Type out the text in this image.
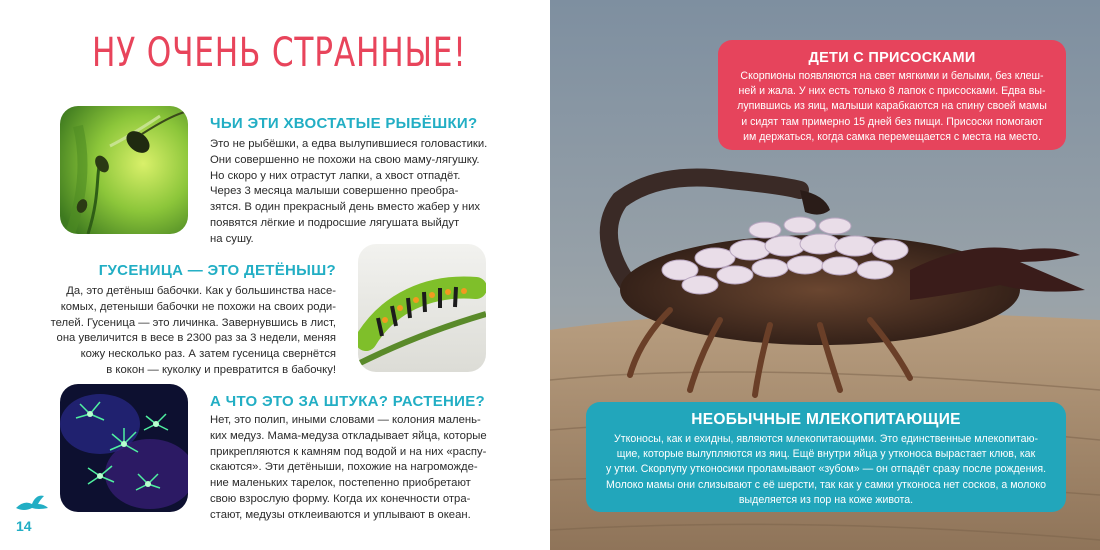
НУ ОЧЕНЬ СТРАННЫЕ!
ЧЬИ ЭТИ ХВОСТАТЫЕ РЫБЁШКИ?
Это не рыбёшки, а едва вылупившиеся головастики.
Они совершенно не похожи на свою маму-лягушку.
Но скоро у них отрастут лапки, а хвост отпадёт.
Через 3 месяца малыши совершенно преобра-
зятся. В один прекрасный день вместо жабер у них
появятся лёгкие и подросшие лягушата выйдут
на сушу.
ГУСЕНИЦА — ЭТО ДЕТЁНЫШ?
Да, это детёныш бабочки. Как у большинства насе-
комых, детеныши бабочки не похожи на своих роди-
телей. Гусеница — это личинка. Завернувшись в лист,
она увеличится в весе в 2300 раз за 3 недели, меняя
кожу несколько раз. А затем гусеница свернётся
в кокон — куколку и превратится в бабочку!
А ЧТО ЭТО ЗА ШТУКА? РАСТЕНИЕ?
Нет, это полип, иными словами — колония малень-
ких медуз. Мама-медуза откладывает яйца, которые
прикрепляются к камням под водой и на них «распу-
скаются». Эти детёныши, похожие на нагроможде-
ние маленьких тарелок, постепенно приобретают
свою взрослую форму. Когда их конечности отра-
стают, медузы отклеиваются и уплывают в океан.
14
ДЕТИ С ПРИСОСКАМИ
Скорпионы появляются на свет мягкими и белыми, без клеш-
ней и жала. У них есть только 8 лапок с присосками. Едва вы-
лупившись из яиц, малыши карабкаются на спину своей мамы
и сидят там примерно 15 дней без пищи. Присоски помогают
им держаться, когда самка перемещается с места на место.
НЕОБЫЧНЫЕ МЛЕКОПИТАЮЩИЕ
Утконосы, как и ехидны, являются млекопитающими. Это единственные млекопитаю-
щие, которые вылупляются из яиц. Ещё внутри яйца у утконоса вырастает клюв, как
у утки. Скорлупу утконосики проламывают «зубом» — он отпадёт сразу после рождения.
Молоко мамы они слизывают с её шерсти, так как у самки утконоса нет сосков, а молоко
выделяется из пор на коже живота.
